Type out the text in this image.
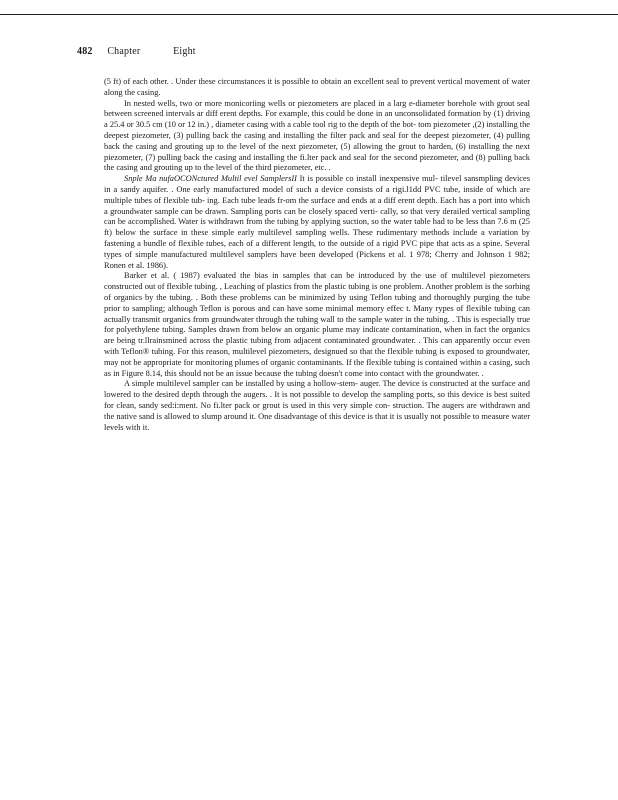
482 Chapter	Eight

(5 ft) of each other. . Under these circumstances it is possible to obtain an excellent seal to prevent vertical movement of water along the casing.

In nested wells, two or more monicoriing wells or piezometers are placed in a larg e-diameter borehole with grout seal between screened intervals ar diff erent depths. For example, this could be done in an unconsolidated formation by (1) driving a 25.4 or 30.5 cm (10 or 12 in.) , diameter casing with a cable tool rig to the depth of the bot- tom piezometer ,(2) installing the deepest piezometer, (3) pulling back the casing and installing the filter pack and seal for the deepest piezometer, (4) pulling back the casing and grouting up to the level of the next piezometer, (5) allowing the grout to harden, (6) installing the next piezometer, (7) pulling back the casing and installing the fi.lter pack and seal for the second piezometer, and (8) pulling back the casing and grouting up to the level of the third piezometer, etc. .

Snple Ma nufaOCONctured Multil evel SamplersII It is possible co install inexpensive mul- tilevel sansmpling devices in a sandy aquifer. . One early manufactured model of such a device consists of a rigi.l1dd PVC tube, inside of which are multiple tubes of flexible tub- ing. Each tube leads fr-om the surface and ends at a diff erent depth. Each has a port into which a groundwater sample can be drawn. Sampling ports can be closely spaced verti- cally, so that very derailed vertical sampling can be accomplished. Water is withdrawn from the tubing by applying suction, so the water table had to be less than 7.6 m (25 ft) below the surface in these simple early multilevel sampling wells. These rudimentary methods include a variation by fastening a bundle of flexible tubes, each of a different length, to the outside of a rigid PVC pipe that acts as a spine. Several types of simple manufactured multilevel samplers have been developed (Pickens et al. 1 978; Cherry and Johnson 1 982; Ronen et al. 1986).

Barker et al. ( 1987) evaluated the bias in samples that can be introduced by the use of multilevel piezometers constructed out of flexible tubing. , Leaching of plastics from the plastic tubing is one problem. Another problem is the sorbing of organics by the tubing. . Both these problems can be minimized by using Teflon tubing and thoroughly purging the tube prior to sampling; although Teflon is porous and can have some minimal memory effec t. Many rypes of flexible tubing can actually transmit organics from groundwater through the tubing wall to the sample water in the tubing. . This is especially true for polyethylene tubing. Samples drawn from below an organic plume may indicate contamination, when in fact the organics are being tr.llrainsmined across the plastic tubing from adjacent contaminated groundwater. . This can apparently occur even with Teflon® tubing. For this reason, multilevel piezometers, designued so that the flexible tubing is exposed to groundwater, may not be appropriate for monitoring plumes of organic contaminants. If the flexible tubing is contained within a casing, such as in Figure 8.14, this should not be an issue because the tubing doesn't come into contact with the groundwater. .

A simple multilevel sampler can be installed by using a hollow-stem- auger. The device is constructed at the surface and lowered to the desired depth through the augers. . It is not possible to develop the sampling ports, so this device is best suited for clean, sandy sed:i:ment. No fi.lter pack or grout is used in this very simple con- struction. The augers are withdrawn and the native sand is allowed to slump around it. One disadvantage of this device is that it is usually not possible to measure water levels with it.
